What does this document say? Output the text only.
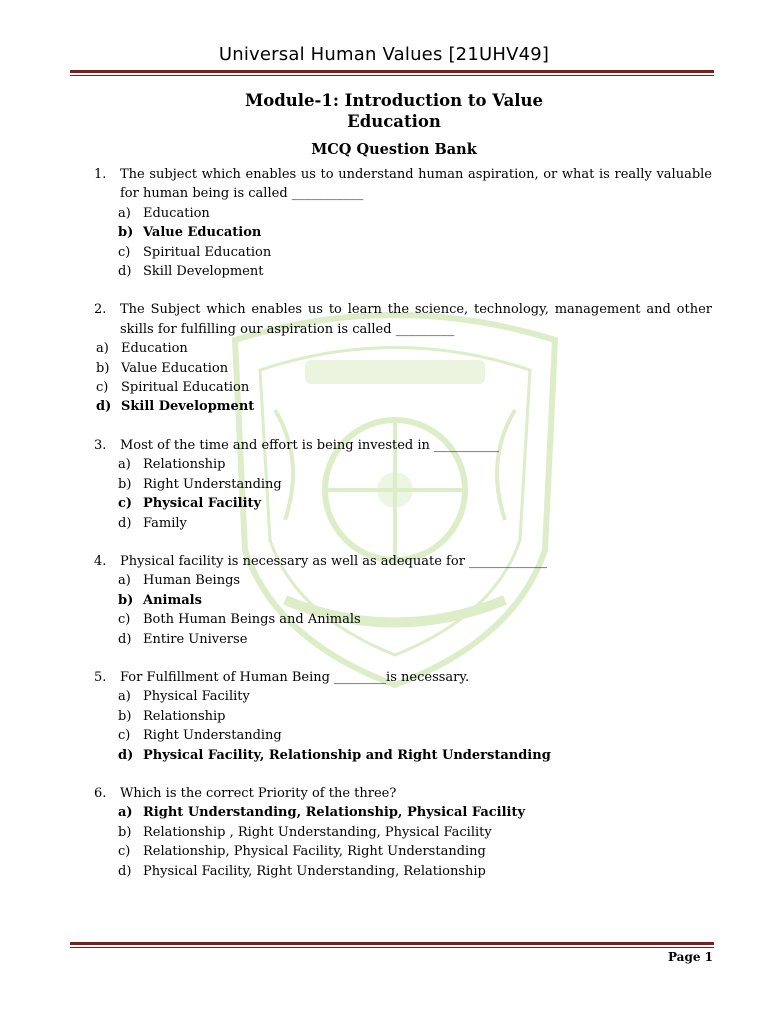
Universal Human Values [21UHV49]
Module-1: Introduction to Value
Education
MCQ Question Bank
1. The subject which enables us to understand human aspiration, or what is really valuable for human being is called ___________
a) Education
b) Value Education
c) Spiritual Education
d) Skill Development
2. The Subject which enables us to learn the science, technology, management and other skills for fulfilling our aspiration is called _________
a) Education
b) Value Education
c) Spiritual Education
d) Skill Development
3. Most of the time and effort is being invested in __________
a) Relationship
b) Right Understanding
c) Physical Facility
d) Family
4. Physical facility is necessary as well as adequate for ____________
a) Human Beings
b) Animals
c) Both Human Beings and Animals
d) Entire Universe
5. For Fulfillment of Human Being ________is necessary.
a) Physical Facility
b) Relationship
c) Right Understanding
d) Physical Facility, Relationship and Right Understanding
6. Which is the correct Priority of the three?
a) Right Understanding, Relationship, Physical Facility
b) Relationship , Right Understanding, Physical Facility
c) Relationship, Physical Facility, Right Understanding
d) Physical Facility, Right Understanding, Relationship
Page 1
